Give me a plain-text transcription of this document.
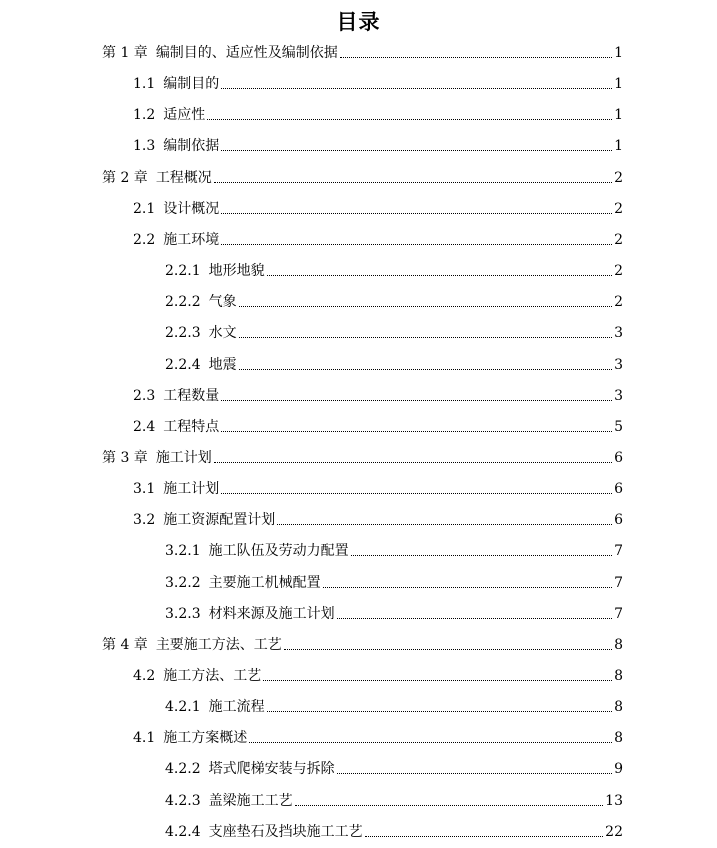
目录
第 1 章 编制目的、适应性及编制依据	1
1.1 编制目的	1
1.2 适应性	1
1.3 编制依据	1
第 2 章 工程概况	2
2.1 设计概况	2
2.2 施工环境	2
2.2.1 地形地貌	2
2.2.2 气象	2
2.2.3 水文	3
2.2.4 地震	3
2.3 工程数量	3
2.4 工程特点	5
第 3 章 施工计划	6
3.1 施工计划	6
3.2 施工资源配置计划	6
3.2.1 施工队伍及劳动力配置	7
3.2.2 主要施工机械配置	7
3.2.3 材料来源及施工计划	7
第 4 章 主要施工方法、工艺	8
4.2 施工方法、工艺	8
4.2.1 施工流程	8
4.1 施工方案概述	8
4.2.2 塔式爬梯安装与拆除	9
4.2.3 盖梁施工工艺	13
4.2.4 支座垫石及挡块施工工艺	22
